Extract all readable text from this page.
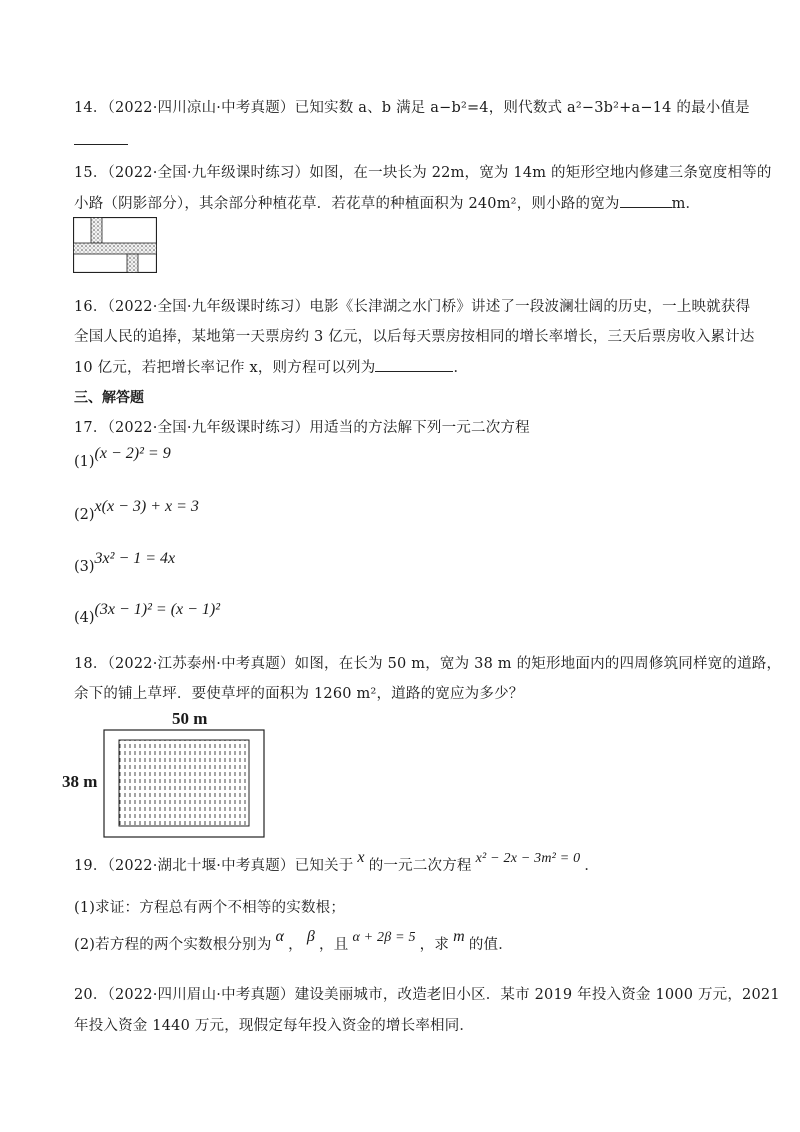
14．（2022·四川凉山·中考真题）已知实数 a、b 满足 a−b²=4，则代数式 a²−3b²+a−14 的最小值是
15．（2022·全国·九年级课时练习）如图，在一块长为 22m，宽为 14m 的矩形空地内修建三条宽度相等的
小路（阴影部分），其余部分种植花草．若花草的种植面积为 240m²，则小路的宽为	m．
16．（2022·全国·九年级课时练习）电影《长津湖之水门桥》讲述了一段波澜壮阔的历史，一上映就获得
全国人民的追捧，某地第一天票房约 3 亿元，以后每天票房按相同的增长率增长，三天后票房收入累计达
10 亿元，若把增长率记作 x，则方程可以列为	．
三、解答题
17．（2022·全国·九年级课时练习）用适当的方法解下列一元二次方程
(1)(x − 2)² = 9
(2)x(x − 3) + x = 3
(3)3x² − 1 = 4x
(4)(3x − 1)² = (x − 1)²
18．（2022·江苏泰州·中考真题）如图，在长为 50 m，宽为 38 m 的矩形地面内的四周修筑同样宽的道路，
余下的铺上草坪．要使草坪的面积为 1260 m²，道路的宽应为多少？
50 m
38 m
19．（2022·湖北十堰·中考真题）已知关于 x 的一元二次方程 x² − 2x − 3m² = 0 ．
(1)求证：方程总有两个不相等的实数根；
(2)若方程的两个实数根分别为 α ， β ，且 α + 2β = 5 ，求 m 的值．
20．（2022·四川眉山·中考真题）建设美丽城市，改造老旧小区．某市 2019 年投入资金 1000 万元，2021
年投入资金 1440 万元，现假定每年投入资金的增长率相同．
